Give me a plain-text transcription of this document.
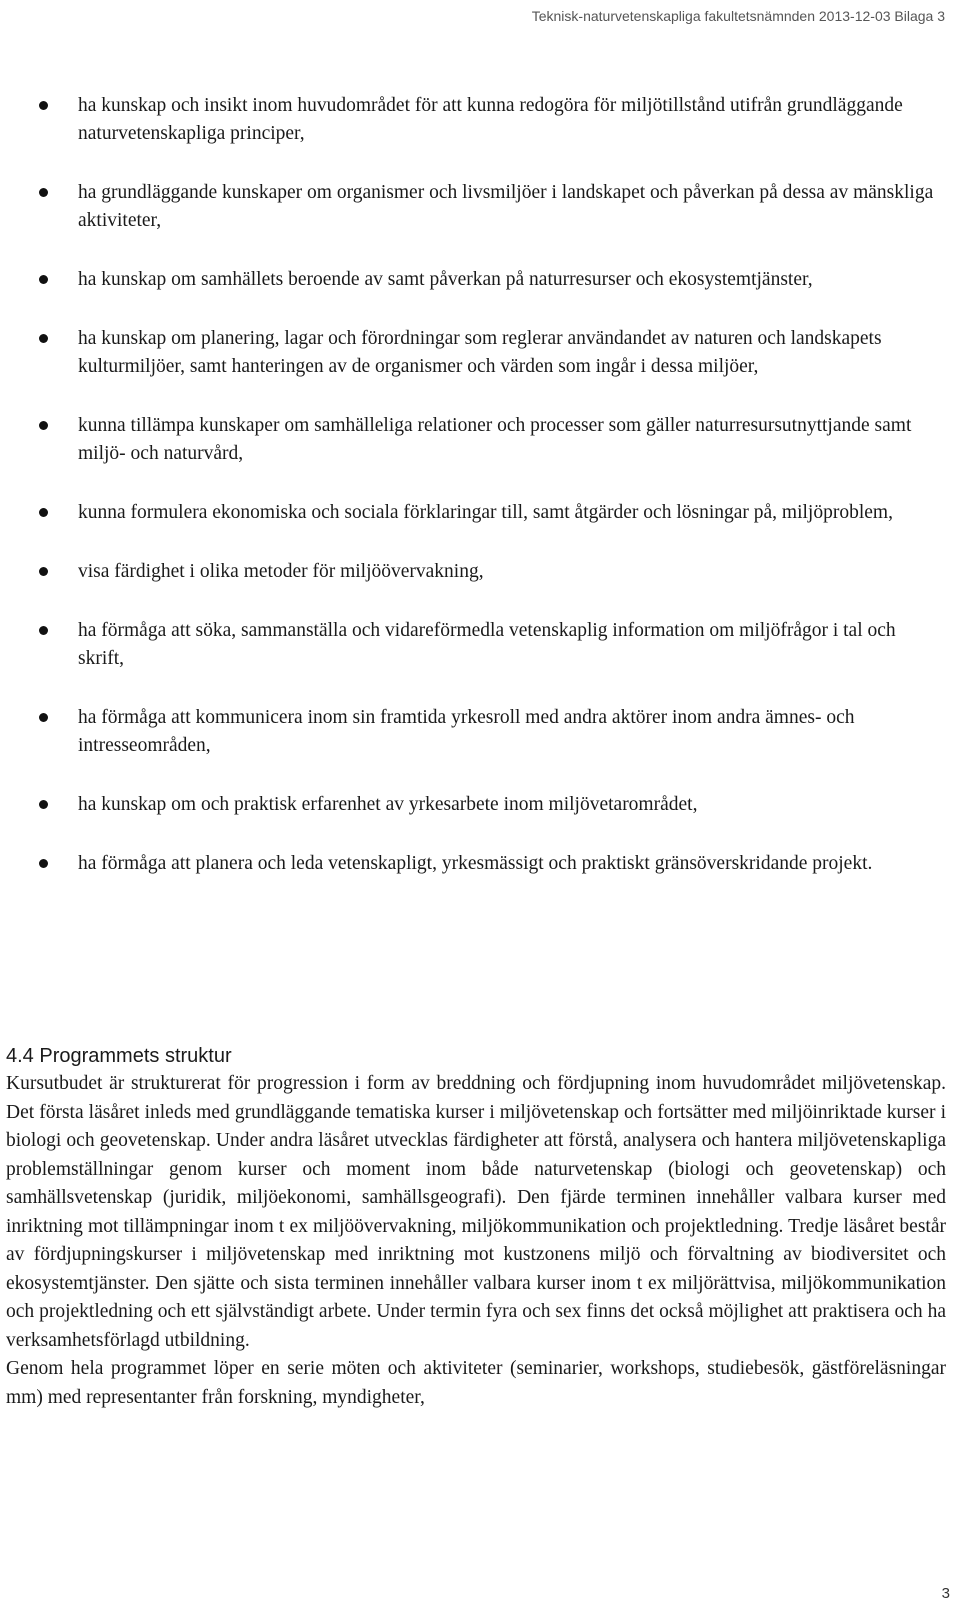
Teknisk-naturvetenskapliga fakultetsnämnden 2013-12-03 Bilaga 3
ha kunskap och insikt inom huvudområdet för att kunna redogöra för miljötillstånd utifrån grundläggande naturvetenskapliga principer,
ha grundläggande kunskaper om organismer och livsmiljöer i landskapet och påverkan på dessa av mänskliga aktiviteter,
ha kunskap om samhällets beroende av samt påverkan på naturresurser och ekosystemtjänster,
ha kunskap om planering, lagar och förordningar som reglerar användandet av naturen och landskapets kulturmiljöer, samt hanteringen av de organismer och värden som ingår i dessa miljöer,
kunna tillämpa kunskaper om samhälleliga relationer och processer som gäller naturresursutnyttjande samt miljö- och naturvård,
kunna formulera ekonomiska och sociala förklaringar till, samt åtgärder och lösningar på, miljöproblem,
visa färdighet i olika metoder för miljöövervakning,
ha förmåga att söka, sammanställa och vidareförmedla vetenskaplig information om miljöfrågor i tal och skrift,
ha förmåga att kommunicera inom sin framtida yrkesroll med andra aktörer inom andra ämnes- och intresseområden,
ha kunskap om och praktisk erfarenhet av yrkesarbete inom miljövetarområdet,
ha förmåga att planera och leda vetenskapligt, yrkesmässigt och praktiskt gränsöverskridande projekt.
4.4 Programmets struktur

Kursutbudet är strukturerat för progression i form av breddning och fördjupning inom huvudområdet miljövetenskap. Det första läsåret inleds med grundläggande tematiska kurser i miljövetenskap och fortsätter med miljöinriktade kurser i biologi och geovetenskap. Under andra läsåret utvecklas färdigheter att förstå, analysera och hantera miljövetenskapliga problemställningar genom kurser och moment inom både naturvetenskap (biologi och geovetenskap) och samhällsvetenskap (juridik, miljöekonomi, samhällsgeografi). Den fjärde terminen innehåller valbara kurser med inriktning mot tillämpningar inom t ex miljöövervakning, miljökommunikation och projektledning. Tredje läsåret består av fördjupningskurser i miljövetenskap med inriktning mot kustzonens miljö och förvaltning av biodiversitet och ekosystemtjänster. Den sjätte och sista terminen innehåller valbara kurser inom t ex miljörättvisa, miljökommunikation och projektledning och ett självständigt arbete. Under termin fyra och sex finns det också möjlighet att praktisera och ha verksamhetsförlagd utbildning.

Genom hela programmet löper en serie möten och aktiviteter (seminarier, workshops, studiebesök, gästföreläsningar mm) med representanter från forskning, myndigheter,

3
